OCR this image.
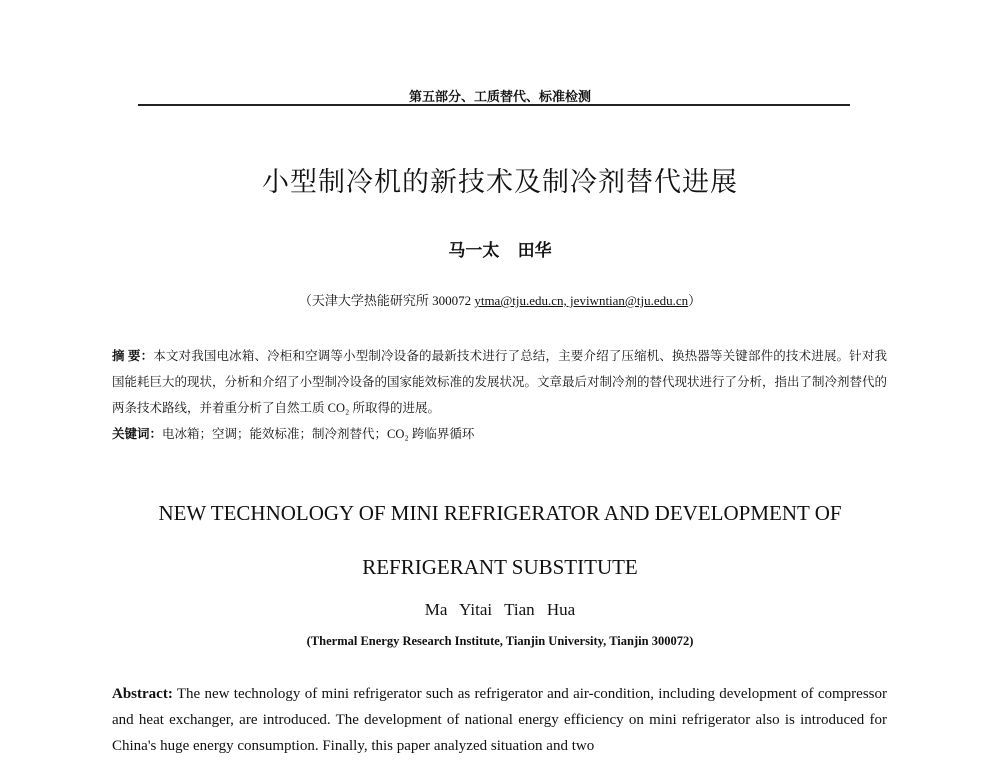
第五部分、工质替代、标准检测
小型制冷机的新技术及制冷剂替代进展
马一太 田华
（天津大学热能研究所 300072 ytma@tju.edu.cn, jeviwntian@tju.edu.cn）
摘 要：本文对我国电冰箱、冷柜和空调等小型制冷设备的最新技术进行了总结，主要介绍了压缩机、换热器等关键部件的技术进展。针对我国能耗巨大的现状，分析和介绍了小型制冷设备的国家能效标准的发展状况。文章最后对制冷剂的替代现状进行了分析，指出了制冷剂替代的两条技术路线，并着重分析了自然工质 CO₂ 所取得的进展。
关键词：电冰箱；空调；能效标准；制冷剂替代；CO₂ 跨临界循环
NEW TECHNOLOGY OF MINI REFRIGERATOR AND DEVELOPMENT OF
REFRIGERANT SUBSTITUTE
Ma Yitai Tian Hua
(Thermal Energy Research Institute, Tianjin University, Tianjin 300072)
Abstract: The new technology of mini refrigerator such as refrigerator and air-condition, including development of compressor and heat exchanger, are introduced. The development of national energy efficiency on mini refrigerator also is introduced for China's huge energy consumption. Finally, this paper analyzed situation and two
